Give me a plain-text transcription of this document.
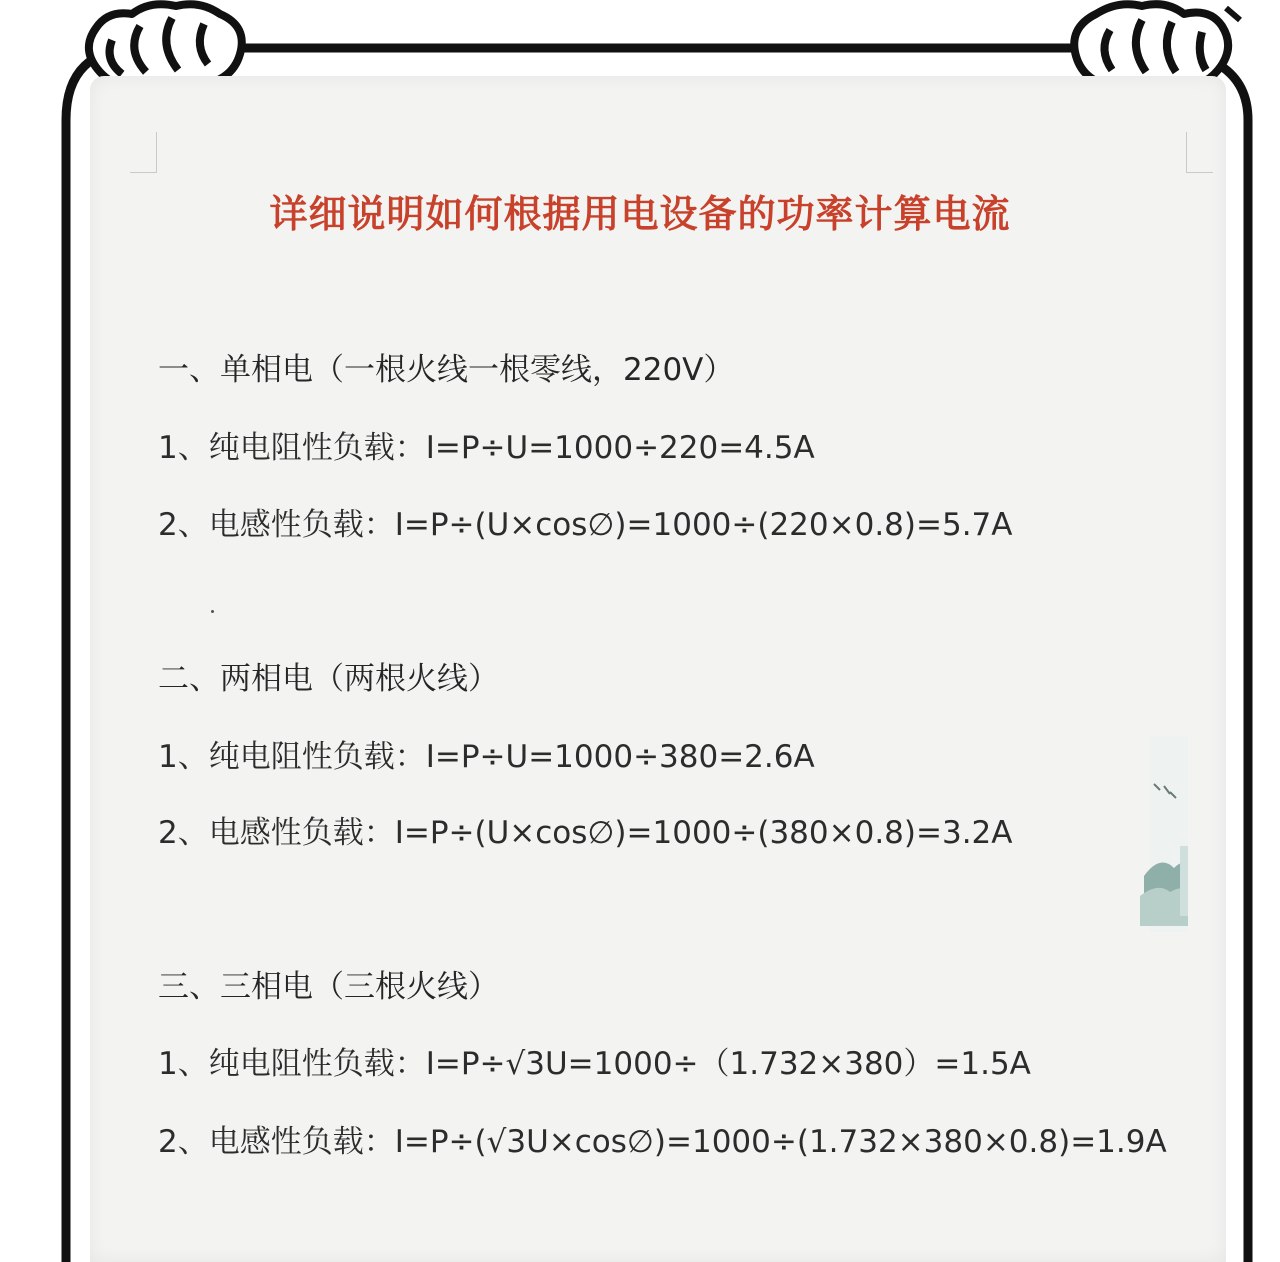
详细说明如何根据用电设备的功率计算电流
一、单相电（一根火线一根零线，220V）
1、纯电阻性负载：I=P÷U=1000÷220=4.5A
2、电感性负载：I=P÷(U×cos∅)=1000÷(220×0.8)=5.7A
二、两相电（两根火线）
1、纯电阻性负载：I=P÷U=1000÷380=2.6A
2、电感性负载：I=P÷(U×cos∅)=1000÷(380×0.8)=3.2A
三、三相电（三根火线）
1、纯电阻性负载：I=P÷√3U=1000÷（1.732×380）=1.5A
2、电感性负载：I=P÷(√3U×cos∅)=1000÷(1.732×380×0.8)=1.9A
